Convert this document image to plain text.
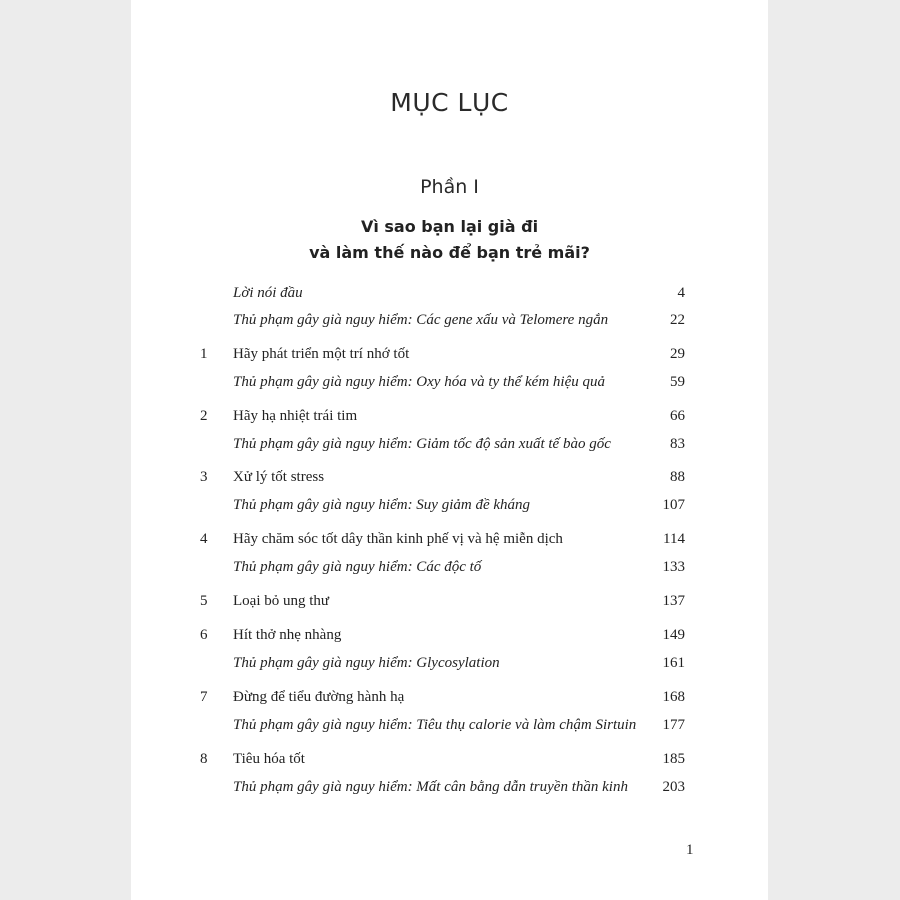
MỤC LỤC
Phần I
Vì sao bạn lại già đi
và làm thế nào để bạn trẻ mãi?
Lời nói đầu	4
Thủ phạm gây già nguy hiểm: Các gene xấu và Telomere ngắn	22
1 Hãy phát triển một trí nhớ tốt	29
Thủ phạm gây già nguy hiểm: Oxy hóa và ty thể kém hiệu quả	59
2 Hãy hạ nhiệt trái tim	66
Thủ phạm gây già nguy hiểm: Giảm tốc độ sản xuất tế bào gốc	83
3 Xử lý tốt stress	88
Thủ phạm gây già nguy hiểm: Suy giảm đề kháng	107
4 Hãy chăm sóc tốt dây thần kinh phế vị và hệ miễn dịch	114
Thủ phạm gây già nguy hiểm: Các độc tố	133
5 Loại bỏ ung thư	137
6 Hít thở nhẹ nhàng	149
Thủ phạm gây già nguy hiểm: Glycosylation	161
7 Đừng để tiểu đường hành hạ	168
Thủ phạm gây già nguy hiểm: Tiêu thụ calorie và làm chậm Sirtuin 177
8 Tiêu hóa tốt	185
Thủ phạm gây già nguy hiểm: Mất cân bằng dẫn truyền thần kinh 203
1
